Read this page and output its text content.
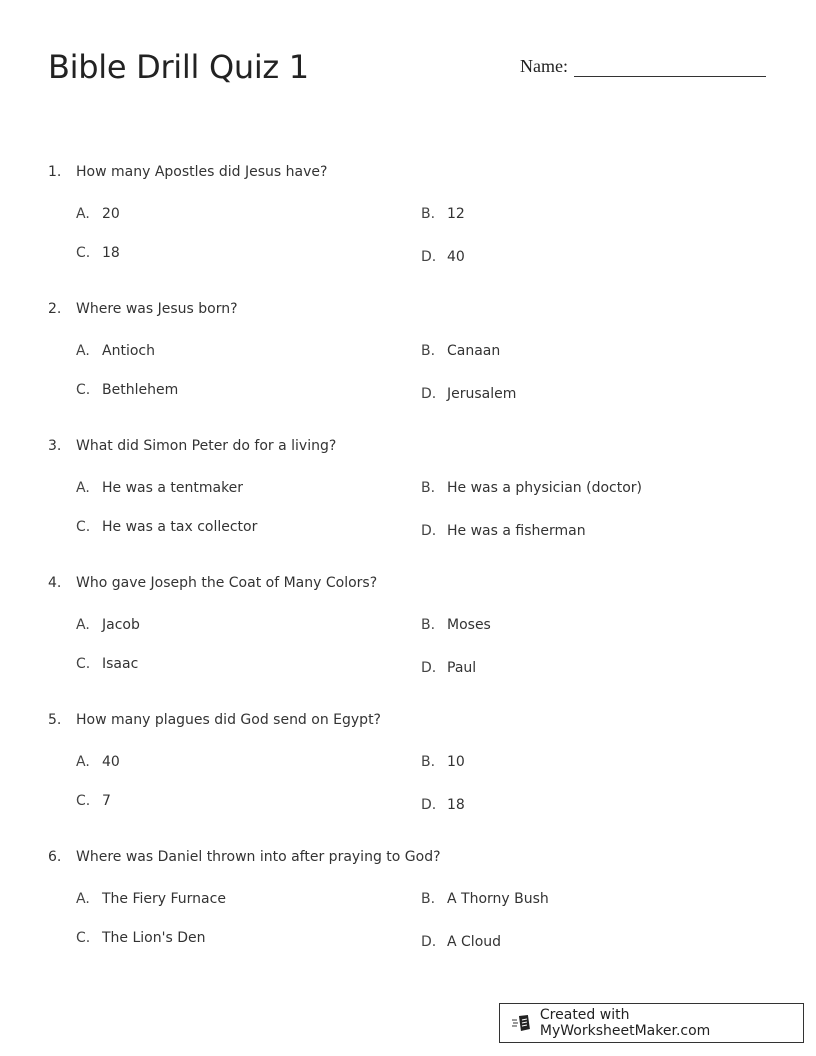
Bible Drill Quiz 1	Name:
1.	How many Apostles did Jesus have?
A. 20	B. 12
C. 18	D. 40
2.	Where was Jesus born?
A. Antioch	B. Canaan
C. Bethlehem	D. Jerusalem
3.	What did Simon Peter do for a living?
A. He was a tentmaker	B. He was a physician (doctor)
C. He was a tax collector	D. He was a fisherman
4.	Who gave Joseph the Coat of Many Colors?
A. Jacob	B. Moses
C. Isaac	D. Paul
5.	How many plagues did God send on Egypt?
A. 40	B. 10
C. 7	D. 18
6.	Where was Daniel thrown into after praying to God?
A. The Fiery Furnace	B. A Thorny Bush
C. The Lion's Den	D. A Cloud
Created with MyWorksheetMaker.com
